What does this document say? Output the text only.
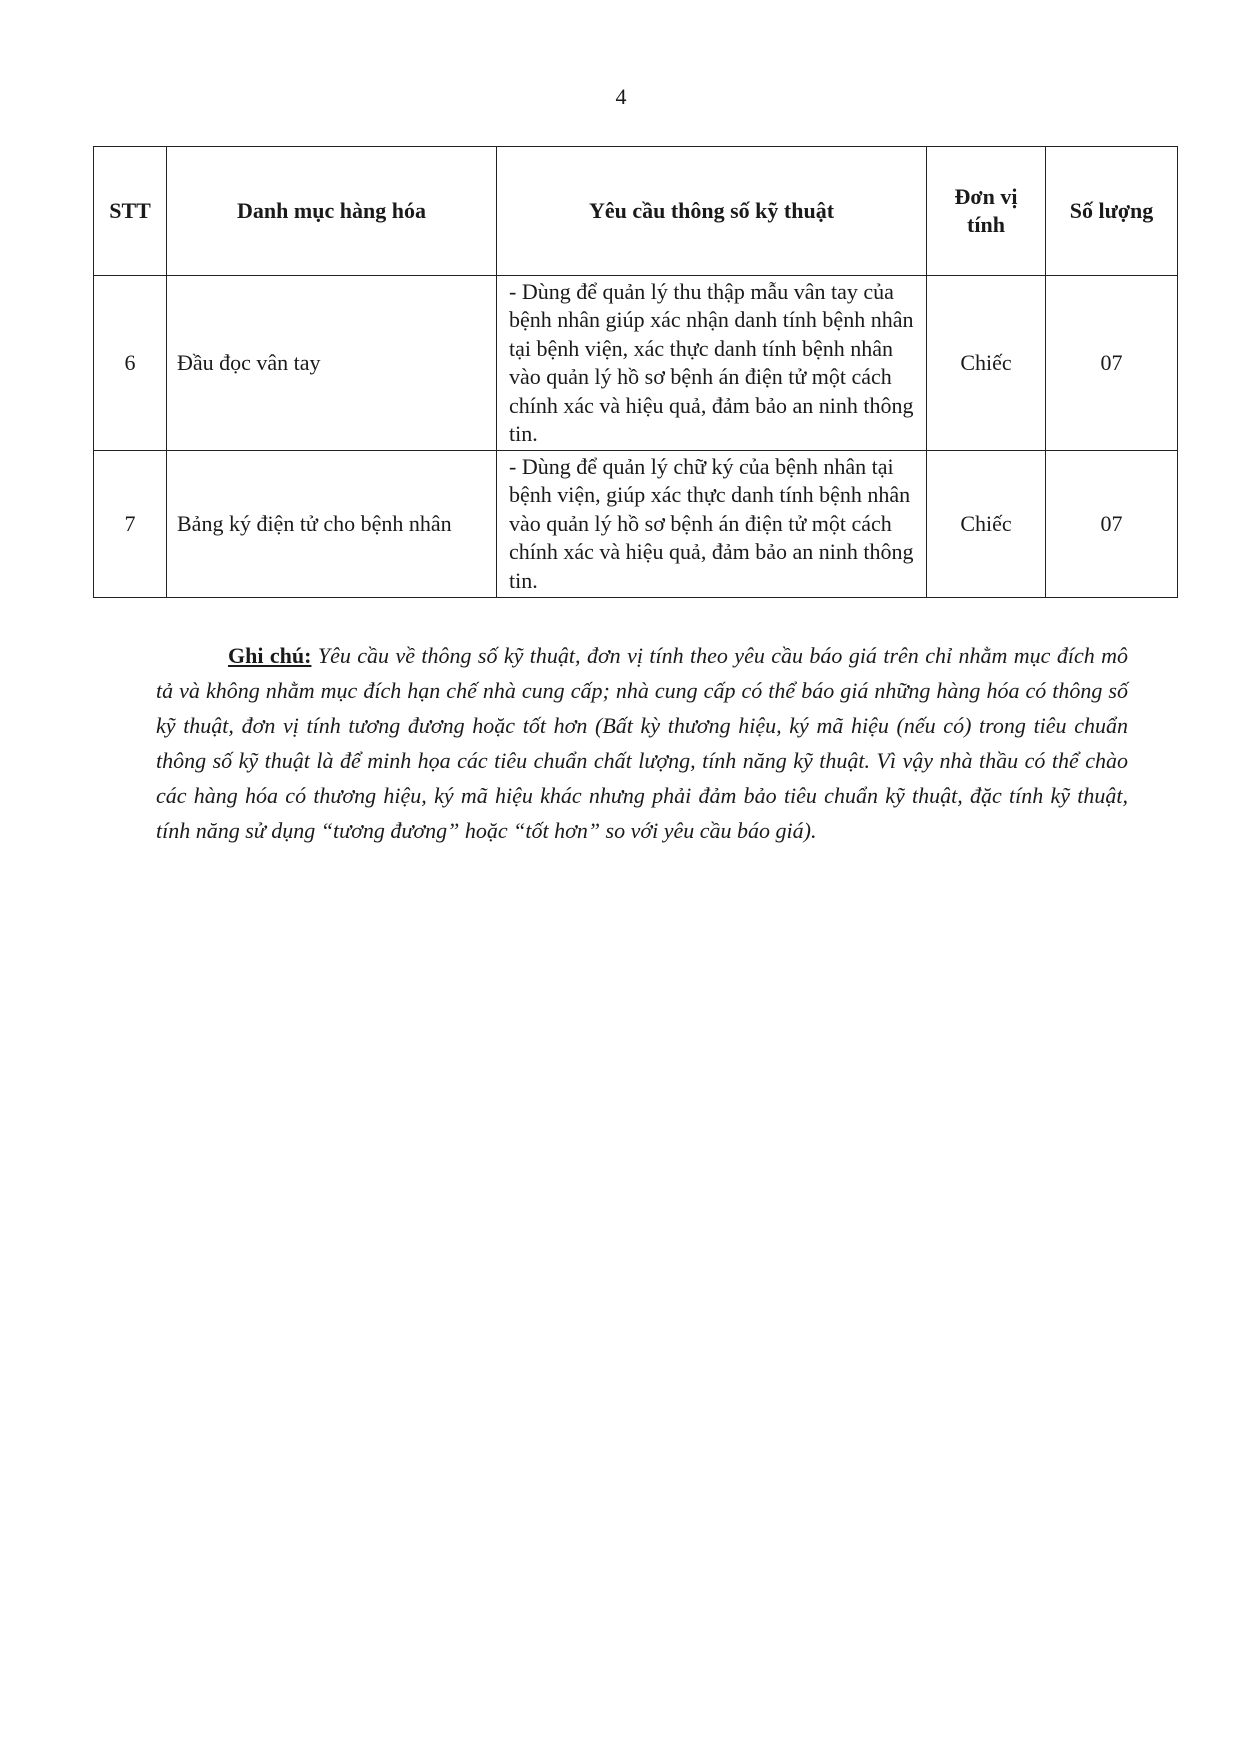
4
STT	Danh mục hàng hóa	Yêu cầu thông số kỹ thuật	Đơn vị tính	Số lượng
6	Đầu đọc vân tay	- Dùng để quản lý thu thập mẫu vân tay của bệnh nhân giúp xác nhận danh tính bệnh nhân tại bệnh viện, xác thực danh tính bệnh nhân vào quản lý hồ sơ bệnh án điện tử một cách chính xác và hiệu quả, đảm bảo an ninh thông tin.	Chiếc	07
7	Bảng ký điện tử cho bệnh nhân	- Dùng để quản lý chữ ký của bệnh nhân tại bệnh viện, giúp xác thực danh tính bệnh nhân vào quản lý hồ sơ bệnh án điện tử một cách chính xác và hiệu quả, đảm bảo an ninh thông tin.	Chiếc	07

Ghi chú: Yêu cầu về thông số kỹ thuật, đơn vị tính theo yêu cầu báo giá trên chỉ nhằm mục đích mô tả và không nhằm mục đích hạn chế nhà cung cấp; nhà cung cấp có thể báo giá những hàng hóa có thông số kỹ thuật, đơn vị tính tương đương hoặc tốt hơn (Bất kỳ thương hiệu, ký mã hiệu (nếu có) trong tiêu chuẩn thông số kỹ thuật là để minh họa các tiêu chuẩn chất lượng, tính năng kỹ thuật. Vì vậy nhà thầu có thể chào các hàng hóa có thương hiệu, ký mã hiệu khác nhưng phải đảm bảo tiêu chuẩn kỹ thuật, đặc tính kỹ thuật, tính năng sử dụng “tương đương” hoặc “tốt hơn” so với yêu cầu báo giá).
